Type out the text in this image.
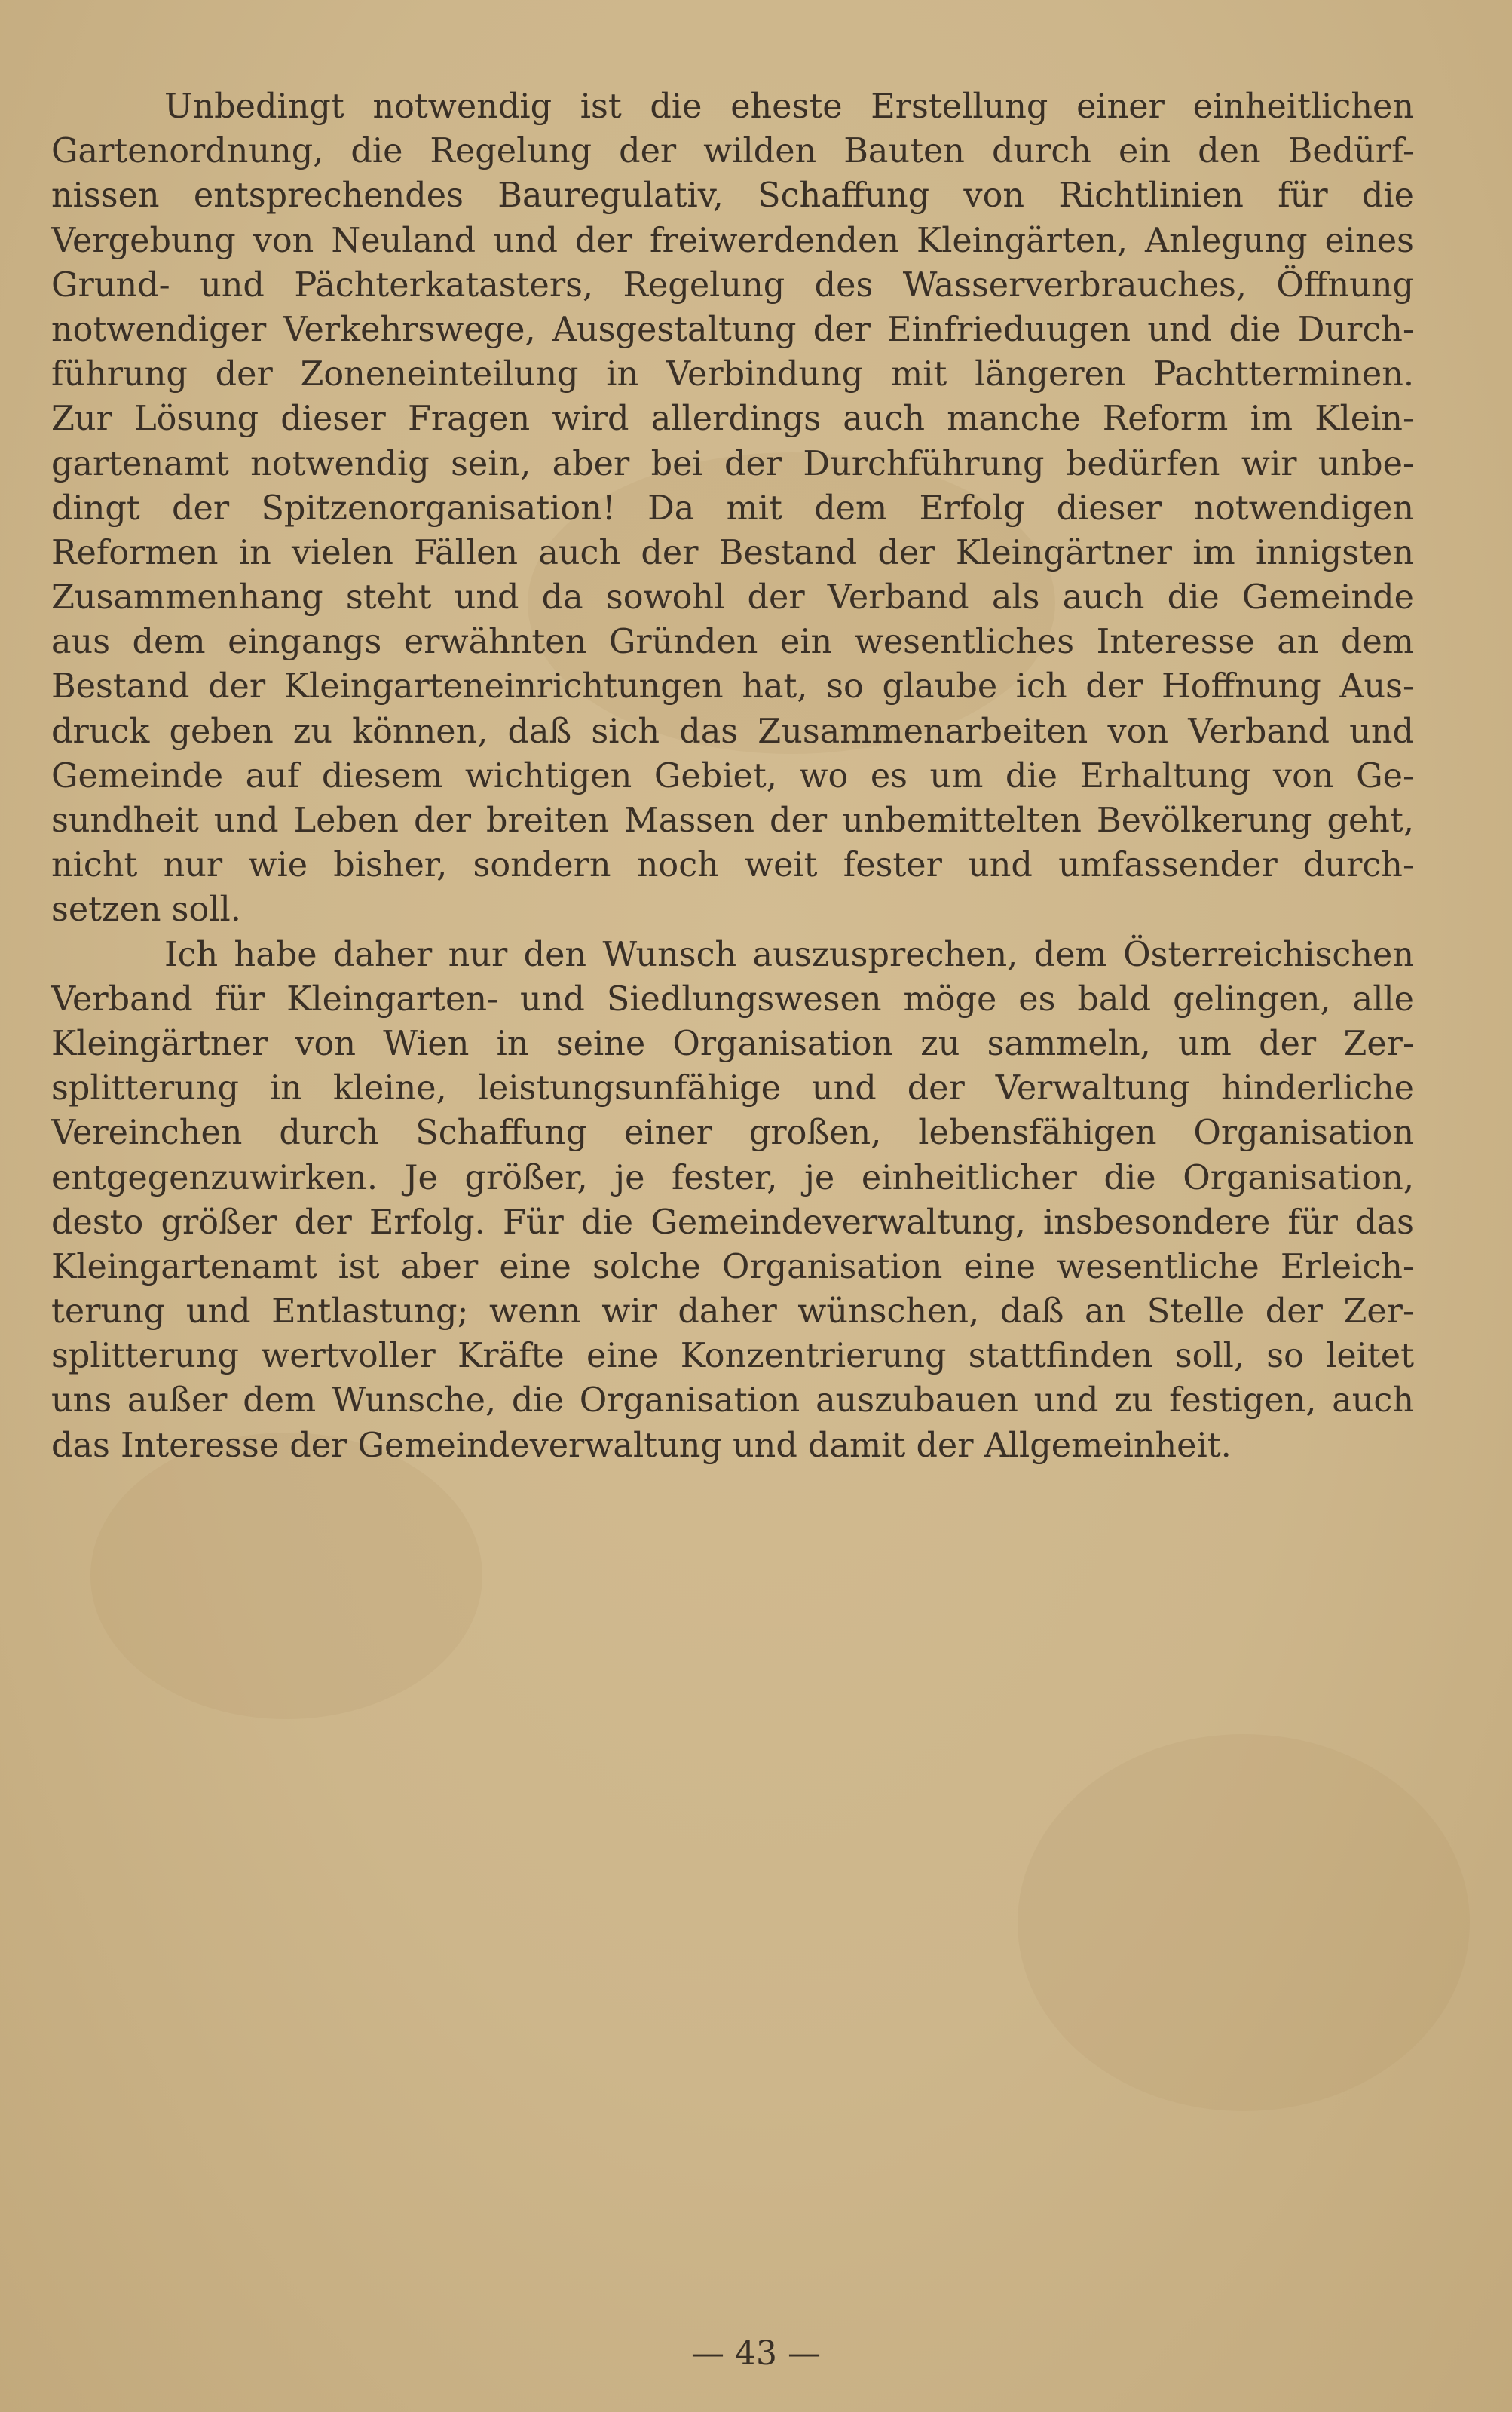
Unbedingt notwendig ist die eheste Erstellung einer einheitlichen
Gartenordnung, die Regelung der wilden Bauten durch ein den Bedürf-
nissen entsprechendes Bauregulativ, Schaffung von Richtlinien für die
Vergebung von Neuland und der freiwerdenden Kleingärten, Anlegung eines
Grund- und Pächterkatasters, Regelung des Wasserverbrauches, Öffnung
notwendiger Verkehrswege, Ausgestaltung der Einfrieduugen und die Durch-
führung der Zoneneinteilung in Verbindung mit längeren Pachtterminen.
Zur Lösung dieser Fragen wird allerdings auch manche Reform im Klein-
gartenamt notwendig sein, aber bei der Durchführung bedürfen wir unbe-
dingt der Spitzenorganisation! Da mit dem Erfolg dieser notwendigen
Reformen in vielen Fällen auch der Bestand der Kleingärtner im innigsten
Zusammenhang steht und da sowohl der Verband als auch die Gemeinde
aus dem eingangs erwähnten Gründen ein wesentliches Interesse an dem
Bestand der Kleingarteneinrichtungen hat, so glaube ich der Hoffnung Aus-
druck geben zu können, daß sich das Zusammenarbeiten von Verband und
Gemeinde auf diesem wichtigen Gebiet, wo es um die Erhaltung von Ge-
sundheit und Leben der breiten Massen der unbemittelten Bevölkerung geht,
nicht nur wie bisher, sondern noch weit fester und umfassender durch-
setzen soll.
Ich habe daher nur den Wunsch auszusprechen, dem Österreichischen
Verband für Kleingarten- und Siedlungswesen möge es bald gelingen, alle
Kleingärtner von Wien in seine Organisation zu sammeln, um der Zer-
splitterung in kleine, leistungsunfähige und der Verwaltung hinderliche
Vereinchen durch Schaffung einer großen, lebensfähigen Organisation
entgegenzuwirken. Je größer, je fester, je einheitlicher die Organisation,
desto größer der Erfolg. Für die Gemeindeverwaltung, insbesondere für das
Kleingartenamt ist aber eine solche Organisation eine wesentliche Erleich-
terung und Entlastung; wenn wir daher wünschen, daß an Stelle der Zer-
splitterung wertvoller Kräfte eine Konzentrierung stattfinden soll, so leitet
uns außer dem Wunsche, die Organisation auszubauen und zu festigen, auch
das Interesse der Gemeindeverwaltung und damit der Allgemeinheit.
— 43 —
